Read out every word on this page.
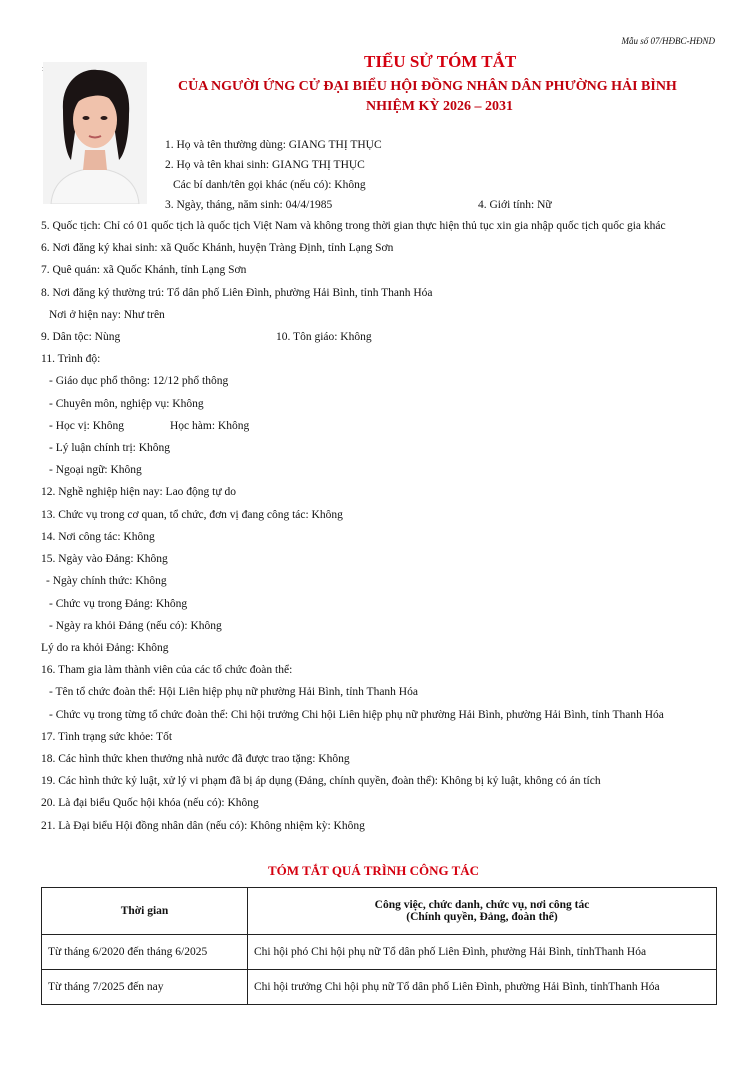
Mẫu số 07/HĐBC-HĐND
TIỂU SỬ TÓM TẮT
CỦA NGƯỜI ỨNG CỬ ĐẠI BIỂU HỘI ĐỒNG NHÂN DÂN PHƯỜNG HẢI BÌNH
NHIỆM KỲ 2026 – 2031
1. Họ và tên thường dùng: GIANG THỊ THỤC
2. Họ và tên khai sinh: GIANG THỊ THỤC
Các bí danh/tên gọi khác (nếu có): Không
3. Ngày, tháng, năm sinh: 04/4/1985	4. Giới tính: Nữ
5. Quốc tịch: Chỉ có 01 quốc tịch là quốc tịch Việt Nam và không trong thời gian thực hiện thủ tục xin gia nhập quốc tịch quốc gia khác
6. Nơi đăng ký khai sinh: xã Quốc Khánh, huyện Tràng Định, tỉnh Lạng Sơn
7. Quê quán: xã Quốc Khánh, tỉnh Lạng Sơn
8. Nơi đăng ký thường trú: Tổ dân phố Liên Đình, phường Hải Bình, tỉnh Thanh Hóa
Nơi ở hiện nay: Như trên
9. Dân tộc: Nùng	10. Tôn giáo: Không
11. Trình độ:
- Giáo dục phổ thông: 12/12 phổ thông
- Chuyên môn, nghiệp vụ: Không
- Học vị: Không	Học hàm: Không
- Lý luận chính trị: Không
- Ngoại ngữ: Không
12. Nghề nghiệp hiện nay: Lao động tự do
13. Chức vụ trong cơ quan, tổ chức, đơn vị đang công tác: Không
14. Nơi công tác: Không
15. Ngày vào Đảng: Không
- Ngày chính thức: Không
- Chức vụ trong Đảng: Không
- Ngày ra khỏi Đảng (nếu có): Không
Lý do ra khỏi Đảng: Không
16. Tham gia làm thành viên của các tổ chức đoàn thể:
- Tên tổ chức đoàn thể: Hội Liên hiệp phụ nữ phường Hải Bình, tỉnh Thanh Hóa
- Chức vụ trong từng tổ chức đoàn thể: Chi hội trưởng Chi hội Liên hiệp phụ nữ phường Hải Bình, phường Hải Bình, tỉnh Thanh Hóa
17. Tình trạng sức khỏe: Tốt
18. Các hình thức khen thưởng nhà nước đã được trao tặng: Không
19. Các hình thức kỷ luật, xử lý vi phạm đã bị áp dụng (Đảng, chính quyền, đoàn thể): Không bị kỷ luật, không có án tích
20. Là đại biểu Quốc hội khóa (nếu có): Không
21. Là Đại biểu Hội đồng nhân dân (nếu có): Không nhiệm kỳ: Không
TÓM TẮT QUÁ TRÌNH CÔNG TÁC
Thời gian	Công việc, chức danh, chức vụ, nơi công tác
(Chính quyền, Đảng, đoàn thể)

Từ tháng 6/2020 đến tháng 6/2025	Chi hội phó Chi hội phụ nữ Tổ dân phố Liên Đình, phường Hải Bình, tỉnhThanh Hóa
Từ tháng 7/2025 đến nay	Chi hội trưởng Chi hội phụ nữ Tổ dân phố Liên Đình, phường Hải Bình, tỉnhThanh Hóa
